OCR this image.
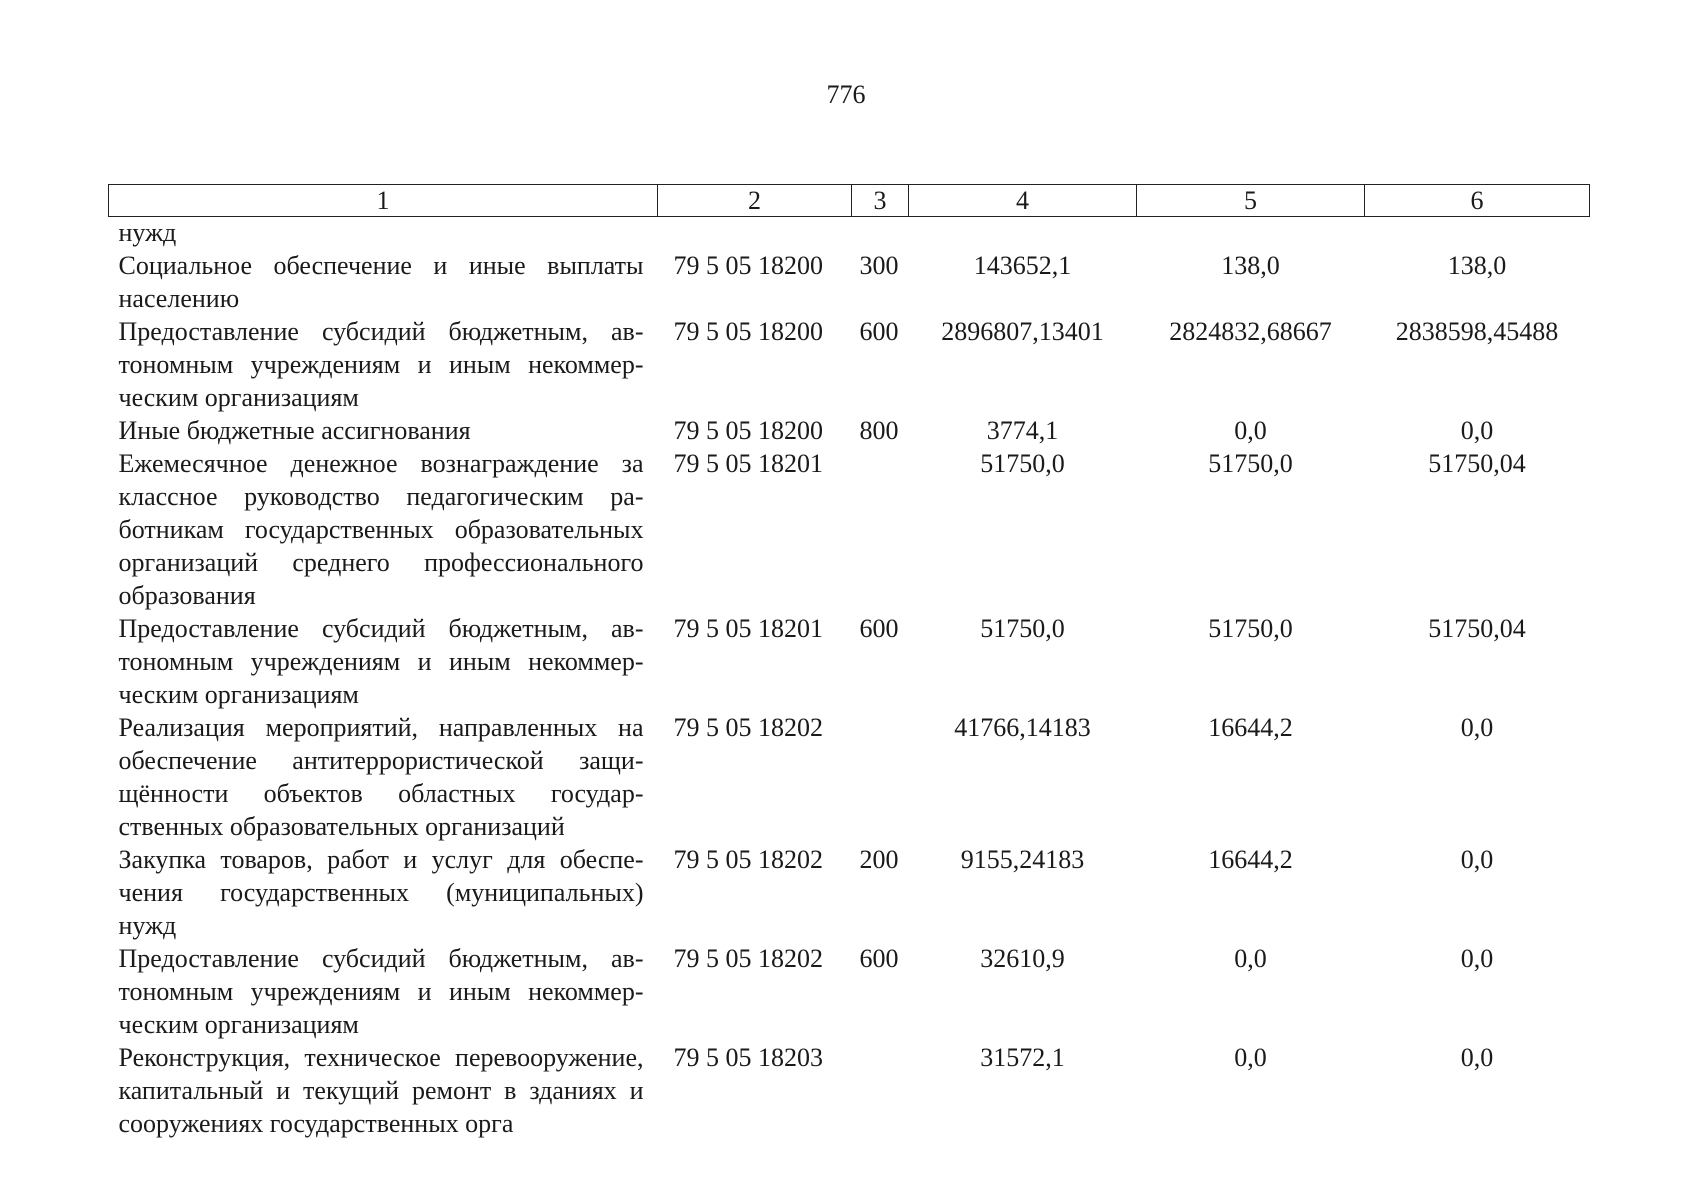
776
1	2	3	4	5	6
нужд					
Социальное обеспечение и иные выплаты населению	79 5 05 18200	300	143652,1	138,0	138,0
Предоставление субсидий бюджетным, автономным учреждениям и иным некоммерческим организациям	79 5 05 18200	600	2896807,13401	2824832,68667	2838598,45488
Иные бюджетные ассигнования	79 5 05 18200	800	3774,1	0,0	0,0
Ежемесячное денежное вознаграждение за классное руководство педагогическим работникам государственных образовательных организаций среднего профессионального образования	79 5 05 18201		51750,0	51750,0	51750,04
Предоставление субсидий бюджетным, автономным учреждениям и иным некоммерческим организациям	79 5 05 18201	600	51750,0	51750,0	51750,04
Реализация мероприятий, направленных на обеспечение антитеррористической защищённости объектов областных государственных образовательных организаций	79 5 05 18202		41766,14183	16644,2	0,0
Закупка товаров, работ и услуг для обеспечения государственных (муниципальных) нужд	79 5 05 18202	200	9155,24183	16644,2	0,0
Предоставление субсидий бюджетным, автономным учреждениям и иным некоммерческим организациям	79 5 05 18202	600	32610,9	0,0	0,0
Реконструкция, техническое перевооружение, капитальный и текущий ремонт в зданиях и сооружениях государственных орга	79 5 05 18203		31572,1	0,0	0,0
